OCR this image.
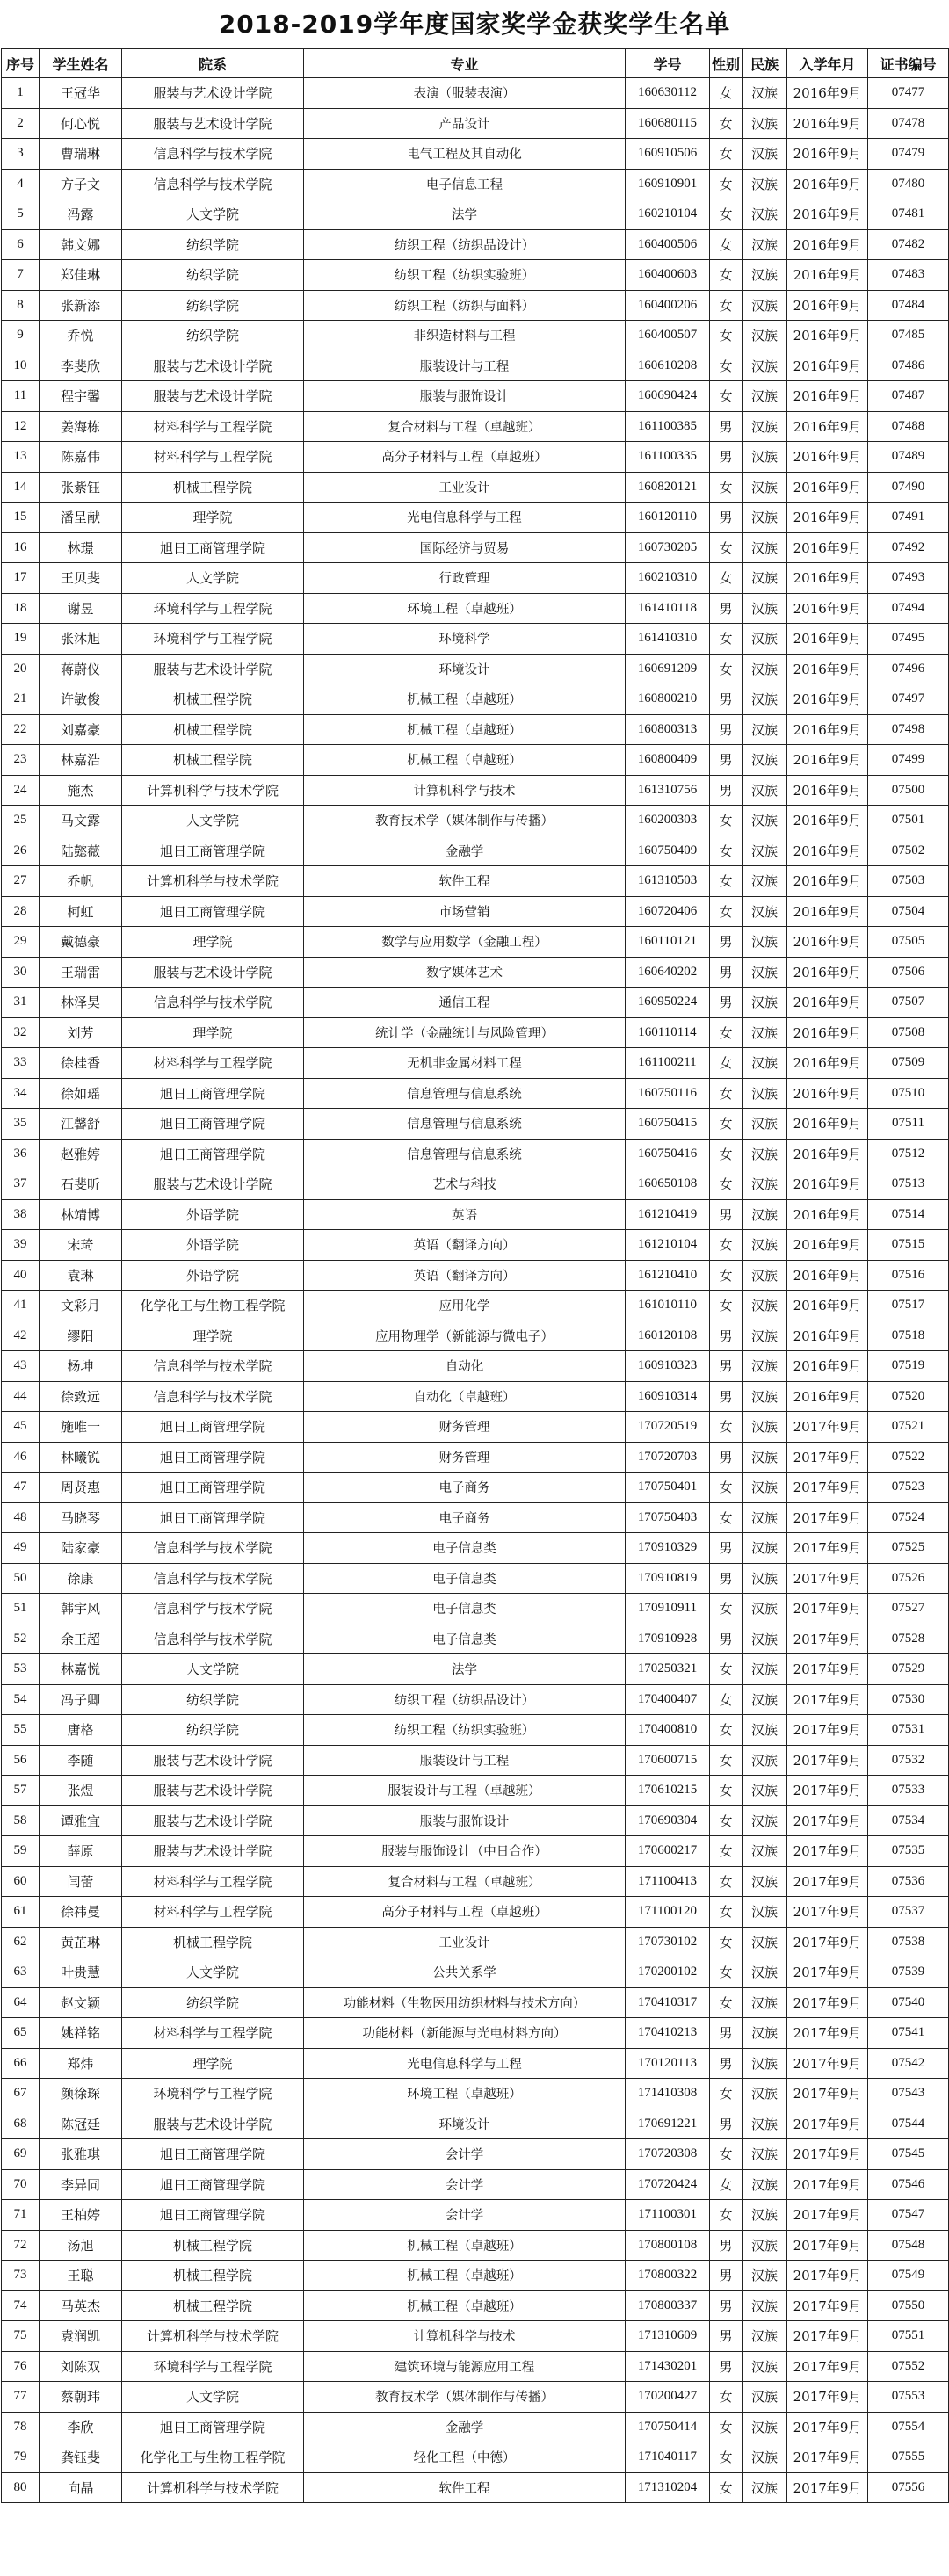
2018-2019学年度国家奖学金获奖学生名单
序号	学生姓名	院系	专业	学号	性别	民族	入学年月	证书编号
1	王冠华	服装与艺术设计学院	表演（服装表演）	160630112	女	汉族	2016年9月	07477
2	何心悦	服装与艺术设计学院	产品设计	160680115	女	汉族	2016年9月	07478
3	曹瑞琳	信息科学与技术学院	电气工程及其自动化	160910506	女	汉族	2016年9月	07479
4	方子文	信息科学与技术学院	电子信息工程	160910901	女	汉族	2016年9月	07480
5	冯露	人文学院	法学	160210104	女	汉族	2016年9月	07481
6	韩文娜	纺织学院	纺织工程（纺织品设计）	160400506	女	汉族	2016年9月	07482
7	郑佳琳	纺织学院	纺织工程（纺织实验班）	160400603	女	汉族	2016年9月	07483
8	张新添	纺织学院	纺织工程（纺织与面料）	160400206	女	汉族	2016年9月	07484
9	乔悦	纺织学院	非织造材料与工程	160400507	女	汉族	2016年9月	07485
10	李斐欣	服装与艺术设计学院	服装设计与工程	160610208	女	汉族	2016年9月	07486
11	程宇馨	服装与艺术设计学院	服装与服饰设计	160690424	女	汉族	2016年9月	07487
12	姜海栋	材料科学与工程学院	复合材料与工程（卓越班）	161100385	男	汉族	2016年9月	07488
13	陈嘉伟	材料科学与工程学院	高分子材料与工程（卓越班）	161100335	男	汉族	2016年9月	07489
14	张紫钰	机械工程学院	工业设计	160820121	女	汉族	2016年9月	07490
15	潘呈献	理学院	光电信息科学与工程	160120110	男	汉族	2016年9月	07491
16	林璟	旭日工商管理学院	国际经济与贸易	160730205	女	汉族	2016年9月	07492
17	王贝斐	人文学院	行政管理	160210310	女	汉族	2016年9月	07493
18	谢昱	环境科学与工程学院	环境工程（卓越班）	161410118	男	汉族	2016年9月	07494
19	张沐旭	环境科学与工程学院	环境科学	161410310	女	汉族	2016年9月	07495
20	蒋蔚仪	服装与艺术设计学院	环境设计	160691209	女	汉族	2016年9月	07496
21	许敏俊	机械工程学院	机械工程（卓越班）	160800210	男	汉族	2016年9月	07497
22	刘嘉豪	机械工程学院	机械工程（卓越班）	160800313	男	汉族	2016年9月	07498
23	林嘉浩	机械工程学院	机械工程（卓越班）	160800409	男	汉族	2016年9月	07499
24	施杰	计算机科学与技术学院	计算机科学与技术	161310756	男	汉族	2016年9月	07500
25	马文露	人文学院	教育技术学（媒体制作与传播）	160200303	女	汉族	2016年9月	07501
26	陆懿薇	旭日工商管理学院	金融学	160750409	女	汉族	2016年9月	07502
27	乔帆	计算机科学与技术学院	软件工程	161310503	女	汉族	2016年9月	07503
28	柯虹	旭日工商管理学院	市场营销	160720406	女	汉族	2016年9月	07504
29	戴德豪	理学院	数学与应用数学（金融工程）	160110121	男	汉族	2016年9月	07505
30	王瑞雷	服装与艺术设计学院	数字媒体艺术	160640202	男	汉族	2016年9月	07506
31	林泽昊	信息科学与技术学院	通信工程	160950224	男	汉族	2016年9月	07507
32	刘芳	理学院	统计学（金融统计与风险管理）	160110114	女	汉族	2016年9月	07508
33	徐桂香	材料科学与工程学院	无机非金属材料工程	161100211	女	汉族	2016年9月	07509
34	徐如瑶	旭日工商管理学院	信息管理与信息系统	160750116	女	汉族	2016年9月	07510
35	江馨舒	旭日工商管理学院	信息管理与信息系统	160750415	女	汉族	2016年9月	07511
36	赵雅婷	旭日工商管理学院	信息管理与信息系统	160750416	女	汉族	2016年9月	07512
37	石斐昕	服装与艺术设计学院	艺术与科技	160650108	女	汉族	2016年9月	07513
38	林靖博	外语学院	英语	161210419	男	汉族	2016年9月	07514
39	宋琦	外语学院	英语（翻译方向）	161210104	女	汉族	2016年9月	07515
40	袁琳	外语学院	英语（翻译方向）	161210410	女	汉族	2016年9月	07516
41	文彩月	化学化工与生物工程学院	应用化学	161010110	女	汉族	2016年9月	07517
42	缪阳	理学院	应用物理学（新能源与微电子）	160120108	男	汉族	2016年9月	07518
43	杨坤	信息科学与技术学院	自动化	160910323	男	汉族	2016年9月	07519
44	徐致远	信息科学与技术学院	自动化（卓越班）	160910314	男	汉族	2016年9月	07520
45	施唯一	旭日工商管理学院	财务管理	170720519	女	汉族	2017年9月	07521
46	林曦锐	旭日工商管理学院	财务管理	170720703	男	汉族	2017年9月	07522
47	周贤惠	旭日工商管理学院	电子商务	170750401	女	汉族	2017年9月	07523
48	马晓琴	旭日工商管理学院	电子商务	170750403	女	汉族	2017年9月	07524
49	陆家豪	信息科学与技术学院	电子信息类	170910329	男	汉族	2017年9月	07525
50	徐康	信息科学与技术学院	电子信息类	170910819	男	汉族	2017年9月	07526
51	韩宇风	信息科学与技术学院	电子信息类	170910911	女	汉族	2017年9月	07527
52	余王超	信息科学与技术学院	电子信息类	170910928	男	汉族	2017年9月	07528
53	林嘉悦	人文学院	法学	170250321	女	汉族	2017年9月	07529
54	冯子卿	纺织学院	纺织工程（纺织品设计）	170400407	女	汉族	2017年9月	07530
55	唐格	纺织学院	纺织工程（纺织实验班）	170400810	女	汉族	2017年9月	07531
56	李随	服装与艺术设计学院	服装设计与工程	170600715	女	汉族	2017年9月	07532
57	张煜	服装与艺术设计学院	服装设计与工程（卓越班）	170610215	女	汉族	2017年9月	07533
58	谭雅宜	服装与艺术设计学院	服装与服饰设计	170690304	女	汉族	2017年9月	07534
59	薛原	服装与艺术设计学院	服装与服饰设计（中日合作）	170600217	女	汉族	2017年9月	07535
60	闫蕾	材料科学与工程学院	复合材料与工程（卓越班）	171100413	女	汉族	2017年9月	07536
61	徐祎曼	材料科学与工程学院	高分子材料与工程（卓越班）	171100120	女	汉族	2017年9月	07537
62	黄芷琳	机械工程学院	工业设计	170730102	女	汉族	2017年9月	07538
63	叶贵慧	人文学院	公共关系学	170200102	女	汉族	2017年9月	07539
64	赵文颖	纺织学院	功能材料（生物医用纺织材料与技术方向）	170410317	女	汉族	2017年9月	07540
65	姚祥铭	材料科学与工程学院	功能材料（新能源与光电材料方向）	170410213	男	汉族	2017年9月	07541
66	郑炜	理学院	光电信息科学与工程	170120113	男	汉族	2017年9月	07542
67	颜徐琛	环境科学与工程学院	环境工程（卓越班）	171410308	女	汉族	2017年9月	07543
68	陈冠廷	服装与艺术设计学院	环境设计	170691221	男	汉族	2017年9月	07544
69	张雅琪	旭日工商管理学院	会计学	170720308	女	汉族	2017年9月	07545
70	李异同	旭日工商管理学院	会计学	170720424	女	汉族	2017年9月	07546
71	王柏婷	旭日工商管理学院	会计学	171100301	女	汉族	2017年9月	07547
72	汤旭	机械工程学院	机械工程（卓越班）	170800108	男	汉族	2017年9月	07548
73	王聪	机械工程学院	机械工程（卓越班）	170800322	男	汉族	2017年9月	07549
74	马英杰	机械工程学院	机械工程（卓越班）	170800337	男	汉族	2017年9月	07550
75	袁润凯	计算机科学与技术学院	计算机科学与技术	171310609	男	汉族	2017年9月	07551
76	刘陈双	环境科学与工程学院	建筑环境与能源应用工程	171430201	男	汉族	2017年9月	07552
77	蔡朝玮	人文学院	教育技术学（媒体制作与传播）	170200427	女	汉族	2017年9月	07553
78	李欣	旭日工商管理学院	金融学	170750414	女	汉族	2017年9月	07554
79	龚钰斐	化学化工与生物工程学院	轻化工程（中德）	171040117	女	汉族	2017年9月	07555
80	向晶	计算机科学与技术学院	软件工程	171310204	女	汉族	2017年9月	07556
